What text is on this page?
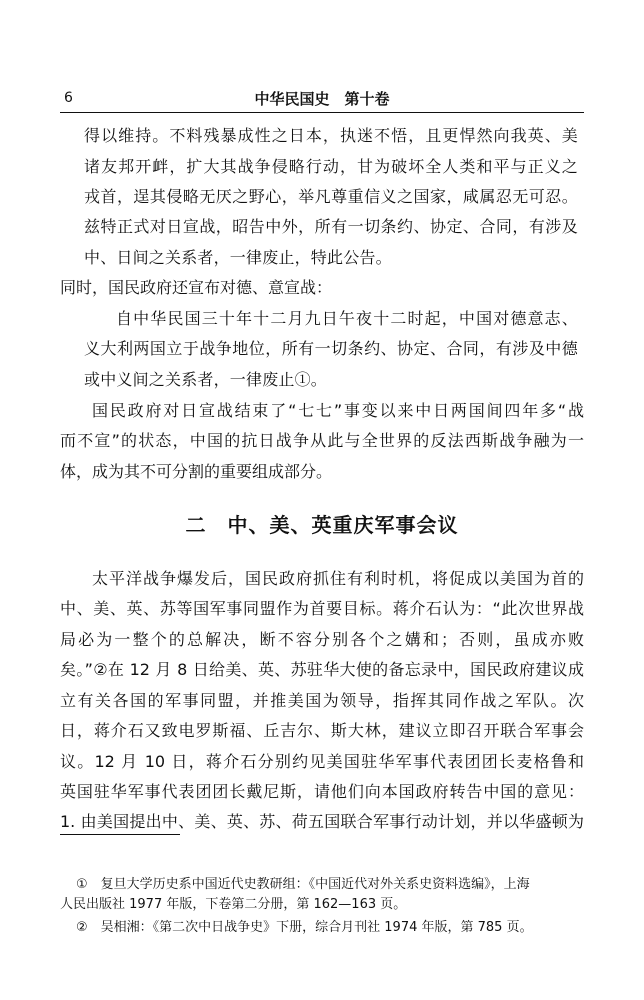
6	中华民国史　第十卷
得以维持。不料残暴成性之日本，执迷不悟，且更悍然向我英、美
诸友邦开衅，扩大其战争侵略行动，甘为破坏全人类和平与正义之
戎首，逞其侵略无厌之野心，举凡尊重信义之国家，咸属忍无可忍。
兹特正式对日宣战，昭告中外，所有一切条约、协定、合同，有涉及
中、日间之关系者，一律废止，特此公告。
同时，国民政府还宣布对德、意宣战：
自中华民国三十年十二月九日午夜十二时起，中国对德意志、
义大利两国立于战争地位，所有一切条约、协定、合同，有涉及中德
或中义间之关系者，一律废止①。
国民政府对日宣战结束了“七七”事变以来中日两国间四年多“战
而不宣”的状态，中国的抗日战争从此与全世界的反法西斯战争融为一
体，成为其不可分割的重要组成部分。
二　中、美、英重庆军事会议
太平洋战争爆发后，国民政府抓住有利时机，将促成以美国为首的
中、美、英、苏等国军事同盟作为首要目标。蒋介石认为：“此次世界战
局必为一整个的总解决，断不容分别各个之媾和；否则，虽成亦败
矣。”②在 12 月 8 日给美、英、苏驻华大使的备忘录中，国民政府建议成
立有关各国的军事同盟，并推美国为领导，指挥其同作战之军队。次
日，蒋介石又致电罗斯福、丘吉尔、斯大林，建议立即召开联合军事会
议。12 月 10 日，蒋介石分别约见美国驻华军事代表团团长麦格鲁和
英国驻华军事代表团团长戴尼斯，请他们向本国政府转告中国的意见：
1. 由美国提出中、美、英、苏、荷五国联合军事行动计划，并以华盛顿为
①　复旦大学历史系中国近代史教研组：《中国近代对外关系史资料选编》，上海
人民出版社 1977 年版，下卷第二分册，第 162—163 页。
②　吴相湘：《第二次中日战争史》下册，综合月刊社 1974 年版，第 785 页。
